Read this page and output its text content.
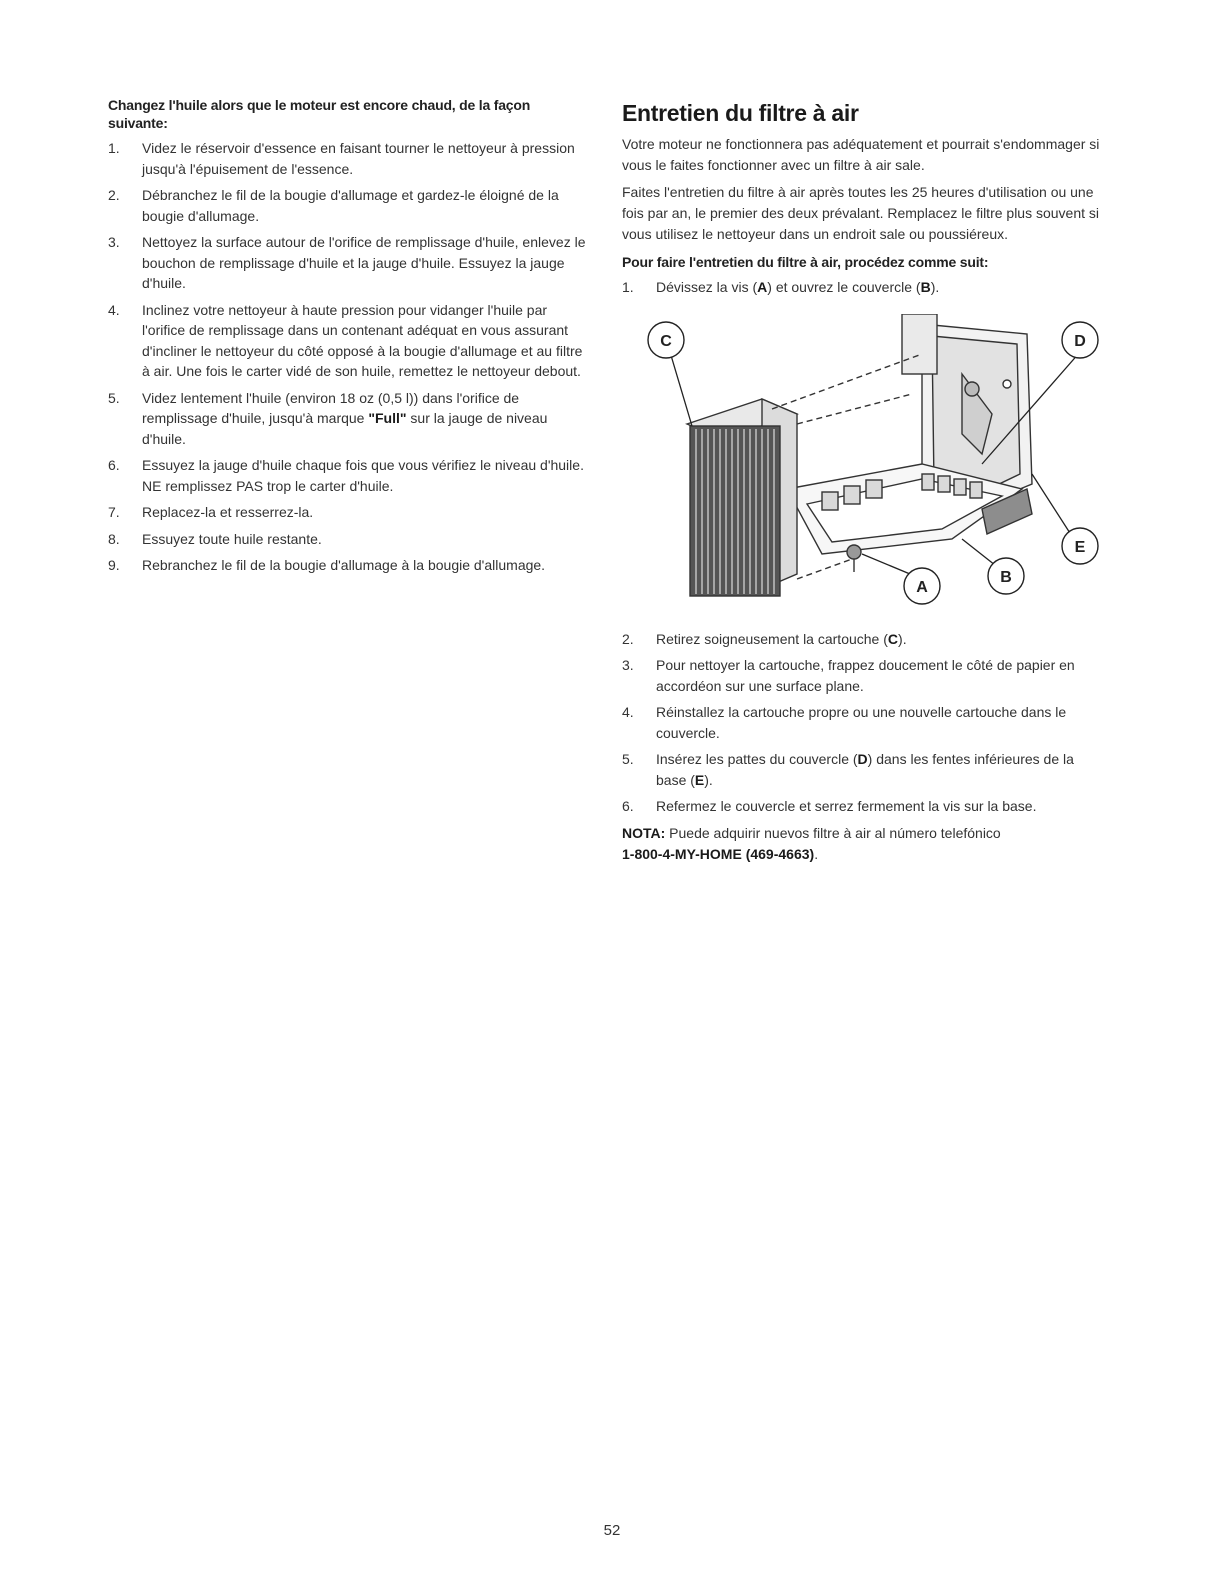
Changez l'huile alors que le moteur est encore chaud, de la façon suivante:
1.	Videz le réservoir d'essence en faisant tourner le nettoyeur à pression jusqu'à l'épuisement de l'essence.
2.	Débranchez le fil de la bougie d'allumage et gardez-le éloigné de la bougie d'allumage.
3.	Nettoyez la surface autour de l'orifice de remplissage d'huile, enlevez le bouchon de remplissage d'huile et la jauge d'huile. Essuyez la jauge d'huile.
4.	Inclinez votre nettoyeur à haute pression pour vidanger l'huile par l'orifice de remplissage dans un contenant adéquat en vous assurant d'incliner le nettoyeur du côté opposé à la bougie d'allumage et au filtre à air. Une fois le carter vidé de son huile, remettez le nettoyeur debout.
5.	Videz lentement l'huile (environ 18 oz (0,5 l)) dans l'orifice de remplissage d'huile, jusqu'à marque "Full" sur la jauge de niveau d'huile.
6.	Essuyez la jauge d'huile chaque fois que vous vérifiez le niveau d'huile. NE remplissez PAS trop le carter d'huile.
7.	Replacez-la et resserrez-la.
8.	Essuyez toute huile restante.
9.	Rebranchez le fil de la bougie d'allumage à la bougie d'allumage.
Entretien du filtre à air

Votre moteur ne fonctionnera pas adéquatement et pourrait s'endommager si vous le faites fonctionner avec un filtre à air sale.

Faites l'entretien du filtre à air après toutes les 25 heures d'utilisation ou une fois par an, le premier des deux prévalant. Remplacez le filtre plus souvent si vous utilisez le nettoyeur dans un endroit sale ou poussiéreux.

Pour faire l'entretien du filtre à air, procédez comme suit:
1.	Dévissez la vis (A) et ouvrez le couvercle (B).
C	D
E
A
B
2.	Retirez soigneusement la cartouche (C).
3.	Pour nettoyer la cartouche, frappez doucement le côté de papier en accordéon sur une surface plane.
4.	Réinstallez la cartouche propre ou une nouvelle cartouche dans le couvercle.
5.	Insérez les pattes du couvercle (D) dans les fentes inférieures de la base (E).
6.	Refermez le couvercle et serrez fermement la vis sur la base.
NOTA: Puede adquirir nuevos filtre à air al número telefónico
1-800-4-MY-HOME (469-4663).
52
